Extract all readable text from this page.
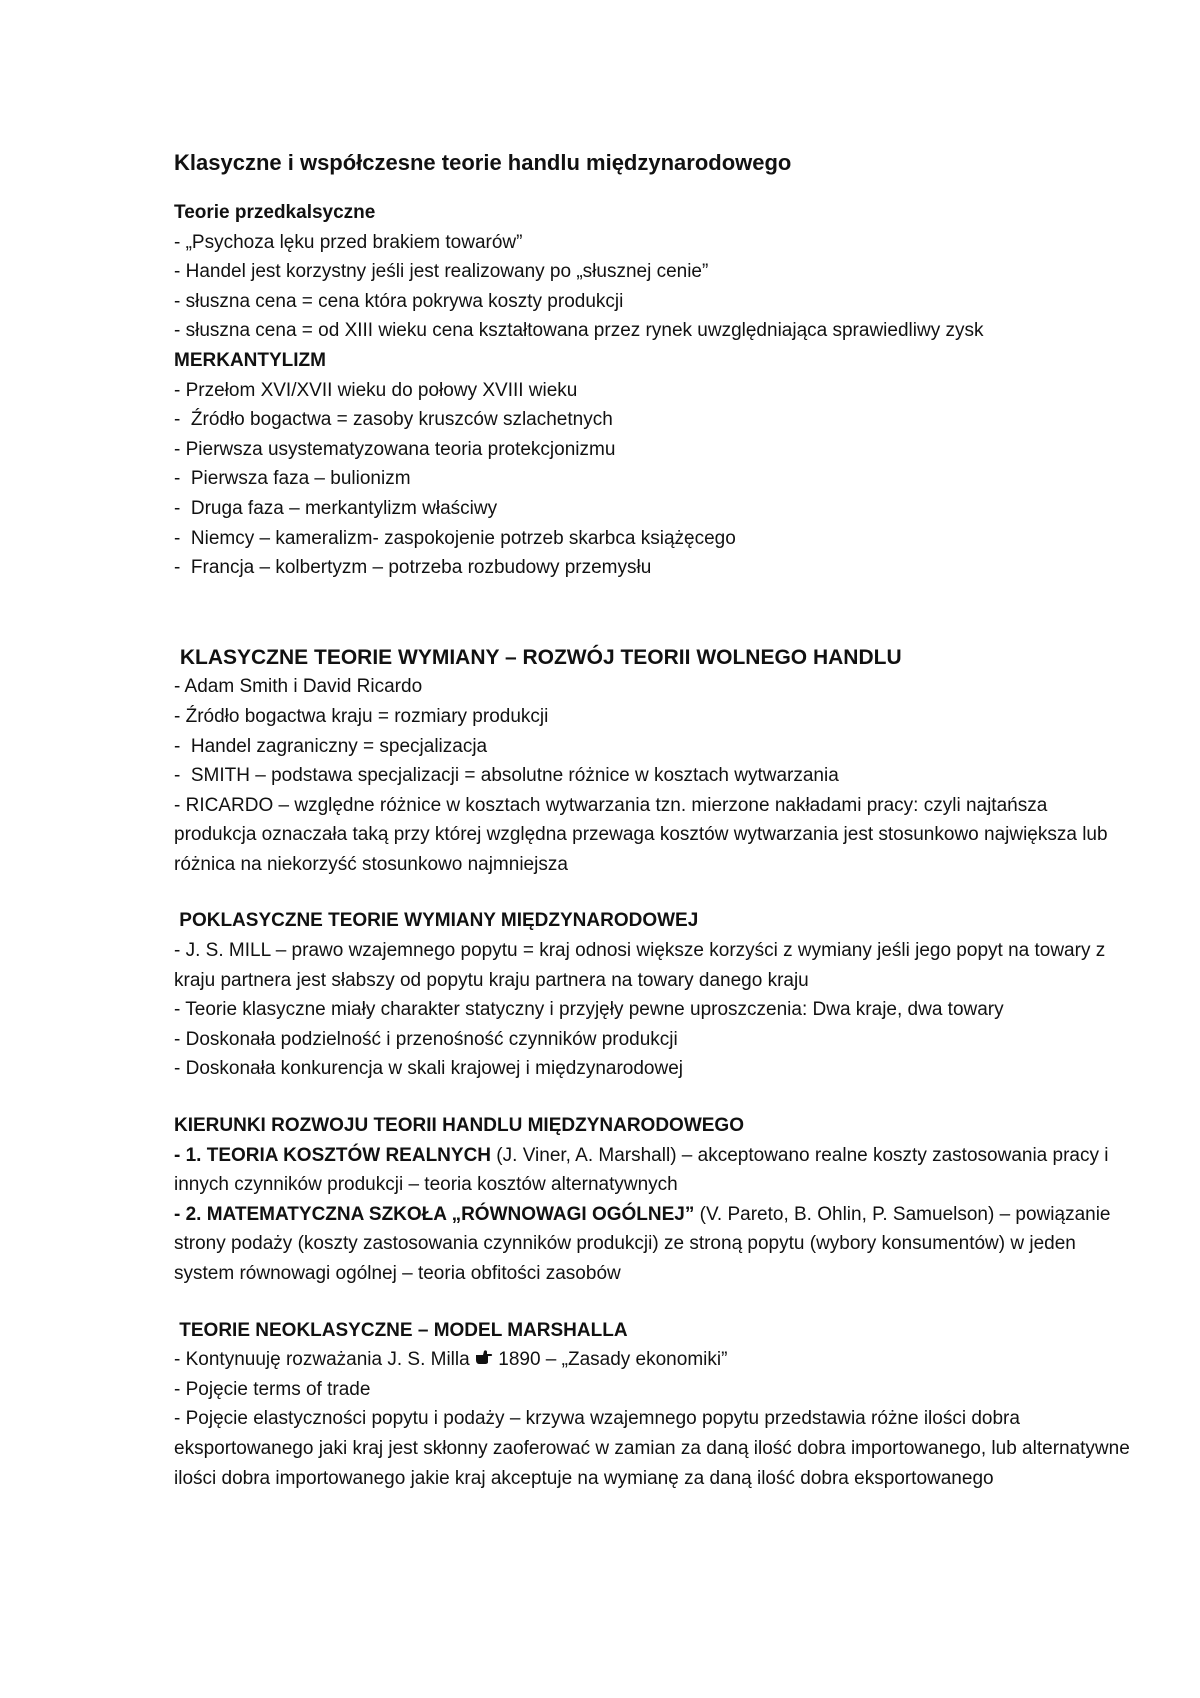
Klasyczne i współczesne teorie handlu międzynarodowego
Teorie przedkalsyczne
- „Psychoza lęku przed brakiem towarów”
- Handel jest korzystny jeśli jest realizowany po „słusznej cenie”
- słuszna cena = cena która pokrywa koszty produkcji
- słuszna cena = od XIII wieku cena kształtowana przez rynek uwzględniająca sprawiedliwy zysk
MERKANTYLIZM
- Przełom XVI/XVII wieku do połowy XVIII wieku
-  Źródło bogactwa = zasoby kruszców szlachetnych
- Pierwsza usystematyzowana teoria protekcjonizmu
-  Pierwsza faza – bulionizm
-  Druga faza – merkantylizm właściwy
-  Niemcy – kameralizm- zaspokojenie potrzeb skarbca książęcego
-  Francja – kolbertyzm – potrzeba rozbudowy przemysłu
KLASYCZNE TEORIE WYMIANY – ROZWÓJ TEORII WOLNEGO HANDLU
- Adam Smith i David Ricardo
- Źródło bogactwa kraju = rozmiary produkcji
-  Handel zagraniczny = specjalizacja
-  SMITH – podstawa specjalizacji = absolutne różnice w kosztach wytwarzania
- RICARDO – względne różnice w kosztach wytwarzania tzn. mierzone nakładami pracy: czyli najtańsza produkcja oznaczała taką przy której względna przewaga kosztów wytwarzania jest stosunkowo największa lub różnica na niekorzyść stosunkowo najmniejsza
POKLASYCZNE TEORIE WYMIANY MIĘDZYNARODOWEJ
- J. S. MILL – prawo wzajemnego popytu = kraj odnosi większe korzyści z wymiany jeśli jego popyt na towary z kraju partnera jest słabszy od popytu kraju partnera na towary danego kraju
- Teorie klasyczne miały charakter statyczny i przyjęły pewne uproszczenia: Dwa kraje, dwa towary
- Doskonała podzielność i przenośność czynników produkcji
- Doskonała konkurencja w skali krajowej i międzynarodowej
KIERUNKI ROZWOJU TEORII HANDLU MIĘDZYNARODOWEGO
- 1. TEORIA KOSZTÓW REALNYCH (J. Viner, A. Marshall) – akceptowano realne koszty zastosowania pracy i innych czynników produkcji – teoria kosztów alternatywnych
- 2. MATEMATYCZNA SZKOŁA „RÓWNOWAGI OGÓLNEJ” (V. Pareto, B. Ohlin, P. Samuelson) – powiązanie strony podaży (koszty zastosowania czynników produkcji) ze stroną popytu (wybory konsumentów) w jeden system równowagi ogólnej – teoria obfitości zasobów
TEORIE NEOKLASYCZNE – MODEL MARSHALLA
- Kontynuuję rozważania J. S. Milla  1890 – „Zasady ekonomiki”
- Pojęcie terms of trade
- Pojęcie elastyczności popytu i podaży – krzywa wzajemnego popytu przedstawia różne ilości dobra eksportowanego jaki kraj jest skłonny zaoferować w zamian za daną ilość dobra importowanego, lub alternatywne ilości dobra importowanego jakie kraj akceptuje na wymianę za daną ilość dobra eksportowanego
